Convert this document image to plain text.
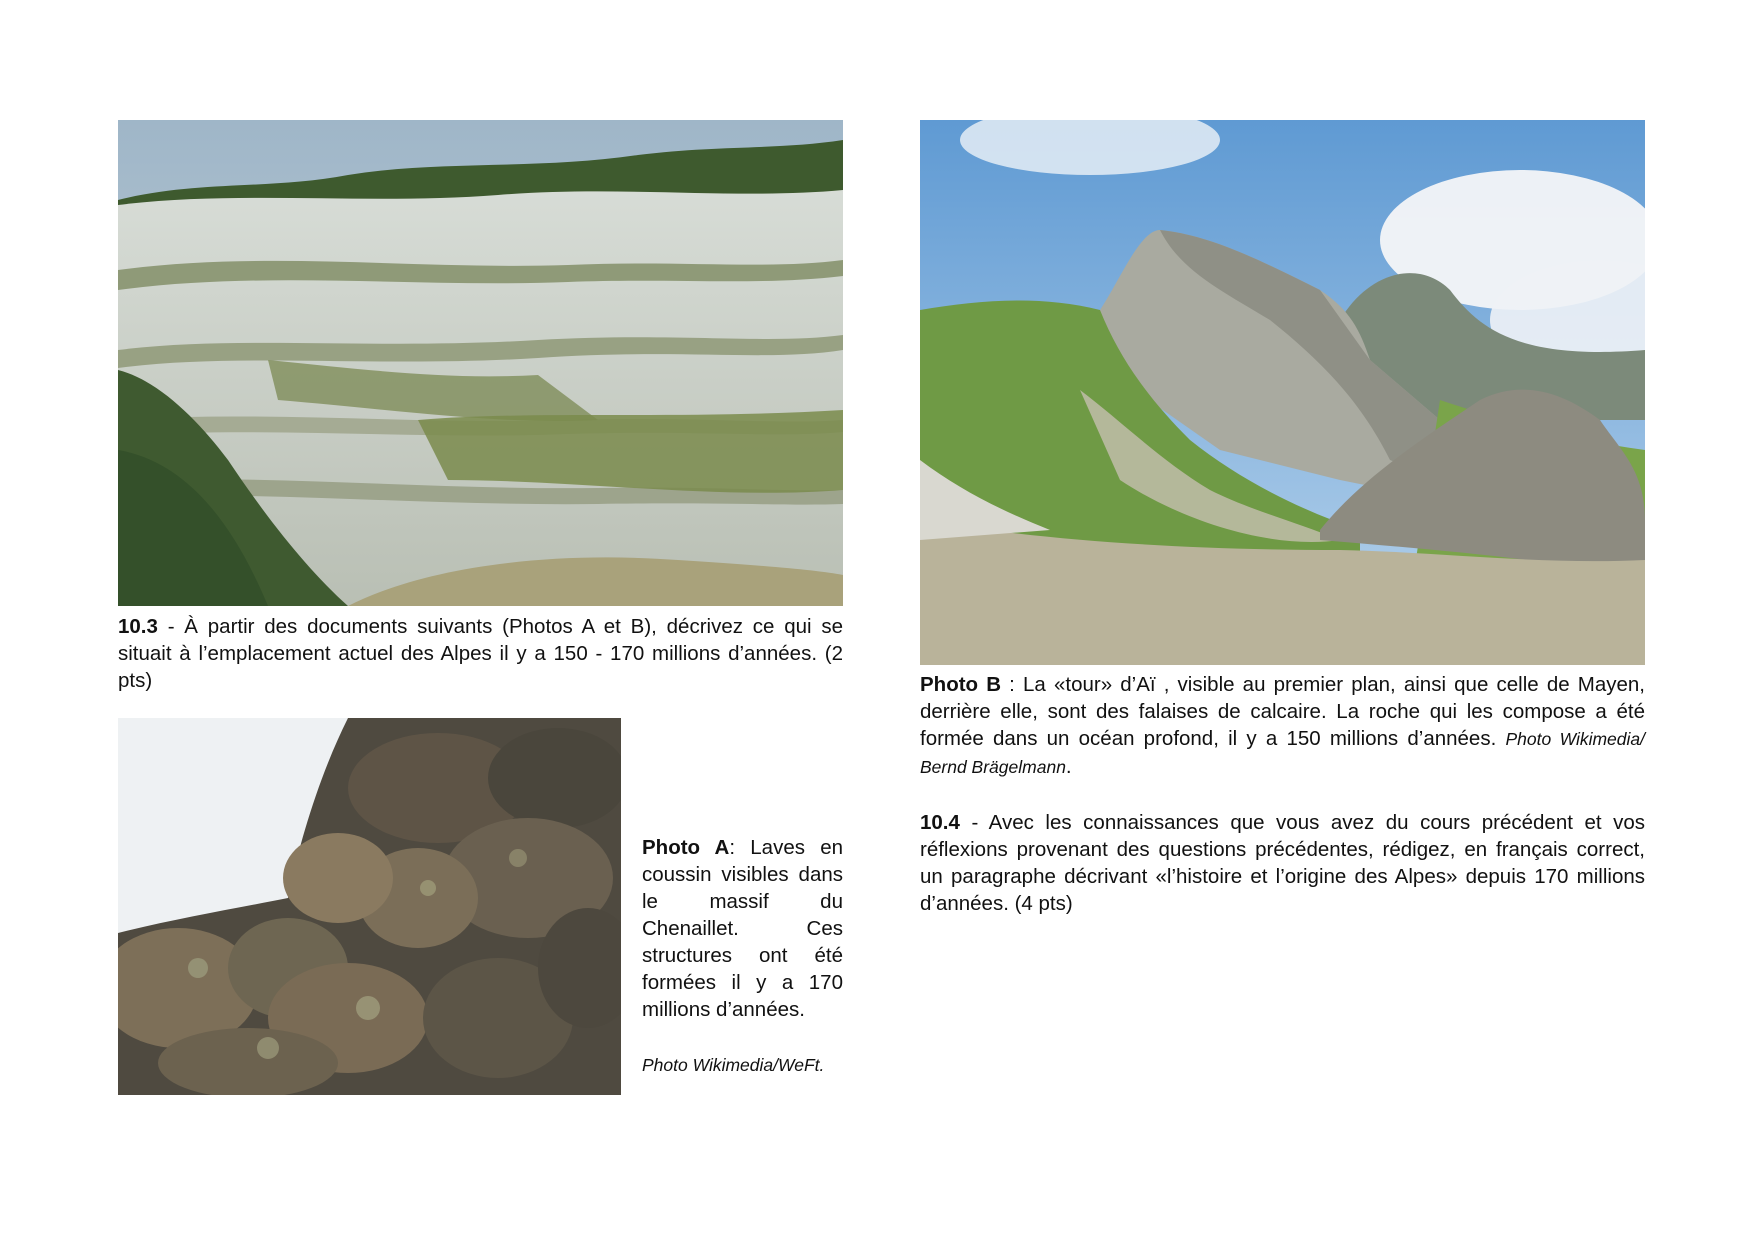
10.3 - À partir des documents suivants (Photos A et B), décrivez ce qui se situait à l’emplacement actuel des Alpes il y a 150 - 170 millions d’années. (2 pts)
Photo A: Laves en coussin visibles dans le massif du Chenaillet. Ces structures ont été formées il y a 170 millions d’années.
Photo Wikimedia/WeFt.
Photo B : La «tour» d’Aï , visible au premier plan, ainsi que celle de Mayen, derrière elle, sont des falaises de calcaire. La roche qui les compose a été formée dans un océan profond, il y a 150 millions d’années. Photo Wikimedia/ Bernd Brägelmann.
10.4 - Avec les connaissances que vous avez du cours précédent et vos réflexions provenant des questions précédentes, rédigez, en français correct, un paragraphe décrivant «l’histoire et l’origine des Alpes» depuis 170 millions d’années. (4 pts)
